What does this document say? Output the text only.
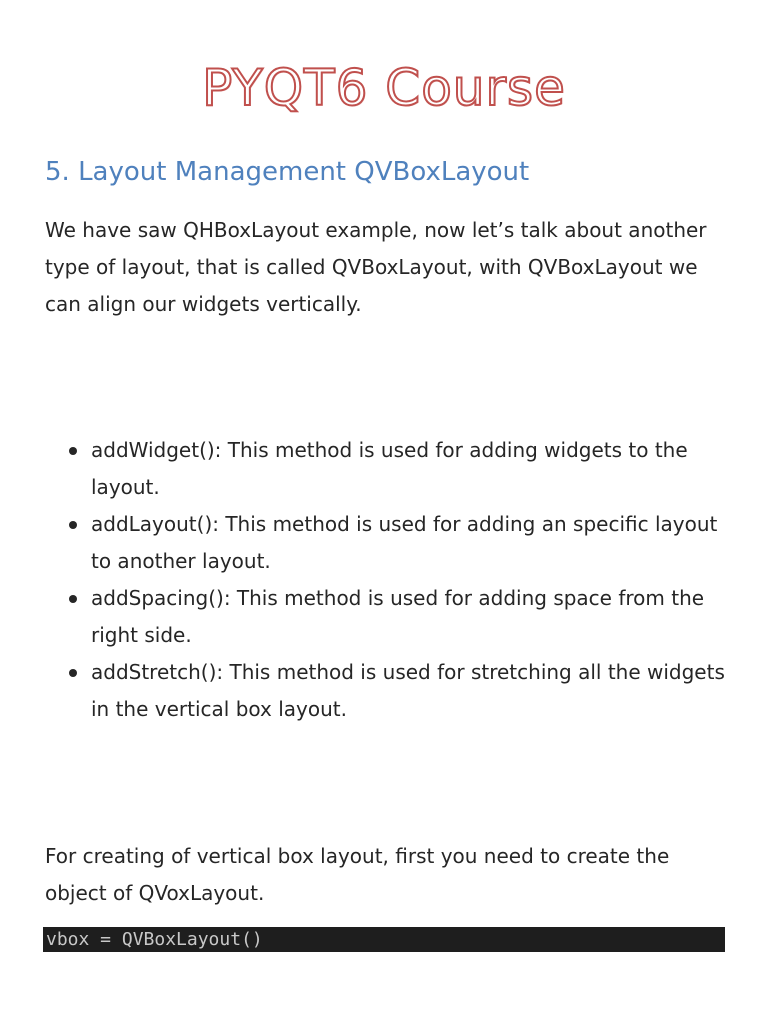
PYQT6 Course
5. Layout Management QVBoxLayout

We have saw QHBoxLayout example, now let’s talk about another type of layout, that is called QVBoxLayout, with QVBoxLayout we can align our widgets vertically.

addWidget(): This method is used for adding widgets to the layout.
addLayout(): This method is used for adding an specific layout to another layout.
addSpacing(): This method is used for adding space from the right side.
addStretch(): This method is used for stretching all the widgets in the vertical box layout.

For creating of vertical box layout, first you need to create the object of QVoxLayout.

vbox = QVBoxLayout()
